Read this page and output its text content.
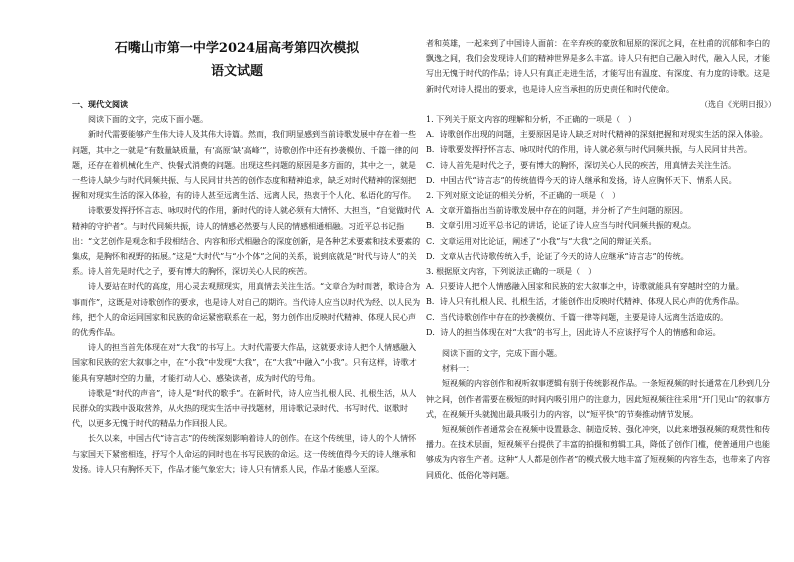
石嘴山市第一中学2024届高考第四次模拟
语文试题

一、现代文阅读

阅读下面的文字，完成下面小题。

新时代需要能够产生伟大诗人及其伟大诗篇。然而，我们明显感到当前诗歌发展中存在着一些问题，其中之一就是“有数量缺质量，有‘高原’缺‘高峰’”，诗歌创作中还有抄袭模仿、千篇一律的问题，还存在着机械化生产、快餐式消费的问题。出现这些问题的原因是多方面的，其中之一，就是一些诗人缺少与时代同频共振、与人民同甘共苦的创作态度和精神追求，缺乏对时代精神的深刻把握和对现实生活的深入体验，有的诗人甚至远离生活、远离人民，热衷于个人化、私语化的写作。

诗歌要发挥抒怀言志、咏叹时代的作用，新时代的诗人就必须有大情怀、大担当，“自觉做时代精神的守护者”。与时代同频共振，诗人的情感必然要与人民的情感相通相融。习近平总书记指出：“文艺创作是观念和手段相结合、内容和形式相融合的深度创新，是各种艺术要素和技术要素的集成，是胸怀和视野的拓展。”这是“大时代”与“小个体”之间的关系，说到底就是“时代与诗人”的关系。诗人首先是时代之子，要有博大的胸怀，深切关心人民的疾苦。

诗人要站在时代的高度，用心灵去观照现实，用真情去关注生活。“文章合为时而著，歌诗合为事而作”，这既是对诗歌创作的要求，也是诗人对自己的期许。当代诗人应当以时代为经、以人民为纬，把个人的命运同国家和民族的命运紧密联系在一起，努力创作出反映时代精神、体现人民心声的优秀作品。

诗人的担当首先体现在对“大我”的书写上。大时代需要大作品，这就要求诗人把个人情感融入国家和民族的宏大叙事之中，在“小我”中发现“大我”，在“大我”中融入“小我”。只有这样，诗歌才能具有穿越时空的力量，才能打动人心、感染读者，成为时代的号角。

诗歌是“时代的声音”，诗人是“时代的歌手”。在新时代，诗人应当扎根人民、扎根生活，从人民群众的实践中汲取营养，从火热的现实生活中寻找题材，用诗歌记录时代、书写时代、讴歌时代，以更多无愧于时代的精品力作回报人民。

长久以来，中国古代“诗言志”的传统深刻影响着诗人的创作。在这个传统里，诗人的个人情怀与家国天下紧密相连，抒写个人命运的同时也在书写民族的命运。这一传统值得今天的诗人继承和发扬。诗人只有胸怀天下，作品才能气象宏大；诗人只有情系人民，作品才能感人至深。

者和英雄，一起来到了中国诗人面前：在辛弃疾的豪放和屈原的深沉之间，在杜甫的沉郁和李白的飘逸之间，我们会发现诗人们的精神世界是多么丰富。诗人只有把自己融入时代，融入人民，才能写出无愧于时代的作品；诗人只有真正走进生活，才能写出有温度、有深度、有力度的诗歌。这是新时代对诗人提出的要求，也是诗人应当承担的历史责任和时代使命。

（选自《光明日报》）

1. 下列关于原文内容的理解和分析，不正确的一项是（　）

A．诗歌创作出现的问题，主要原因是诗人缺乏对时代精神的深刻把握和对现实生活的深入体验。

B．诗歌要发挥抒怀言志、咏叹时代的作用，诗人就必须与时代同频共振，与人民同甘共苦。

C．诗人首先是时代之子，要有博大的胸怀，深切关心人民的疾苦，用真情去关注生活。

D．中国古代“诗言志”的传统值得今天的诗人继承和发扬，诗人应胸怀天下、情系人民。

2. 下列对原文论证的相关分析，不正确的一项是（　）

A．文章开篇指出当前诗歌发展中存在的问题，并分析了产生问题的原因。

B．文章引用习近平总书记的讲话，论证了诗人应当与时代同频共振的观点。

C．文章运用对比论证，阐述了“小我”与“大我”之间的辩证关系。

D．文章从古代诗歌传统入手，论证了今天的诗人应继承“诗言志”的传统。

3. 根据原文内容，下列说法正确的一项是（　）

A．只要诗人把个人情感融入国家和民族的宏大叙事之中，诗歌就能具有穿越时空的力量。

B．诗人只有扎根人民、扎根生活，才能创作出反映时代精神、体现人民心声的优秀作品。

C．当代诗歌创作中存在的抄袭模仿、千篇一律等问题，主要是诗人远离生活造成的。

D．诗人的担当体现在对“大我”的书写上，因此诗人不应该抒写个人的情感和命运。

阅读下面的文字，完成下面小题。

材料一：

短视频的内容创作和视听叙事逻辑有别于传统影视作品。一条短视频的时长通常在几秒到几分钟之间，创作者需要在极短的时间内吸引用户的注意力，因此短视频往往采用“开门见山”的叙事方式，在视频开头就抛出最具吸引力的内容，以“短平快”的节奏推动情节发展。

短视频创作者通常会在视频中设置悬念、制造反转、强化冲突，以此来增强视频的观赏性和传播力。在技术层面，短视频平台提供了丰富的拍摄和剪辑工具，降低了创作门槛，使普通用户也能够成为内容生产者。这种“人人都是创作者”的模式极大地丰富了短视频的内容生态，也带来了内容同质化、低俗化等问题。
